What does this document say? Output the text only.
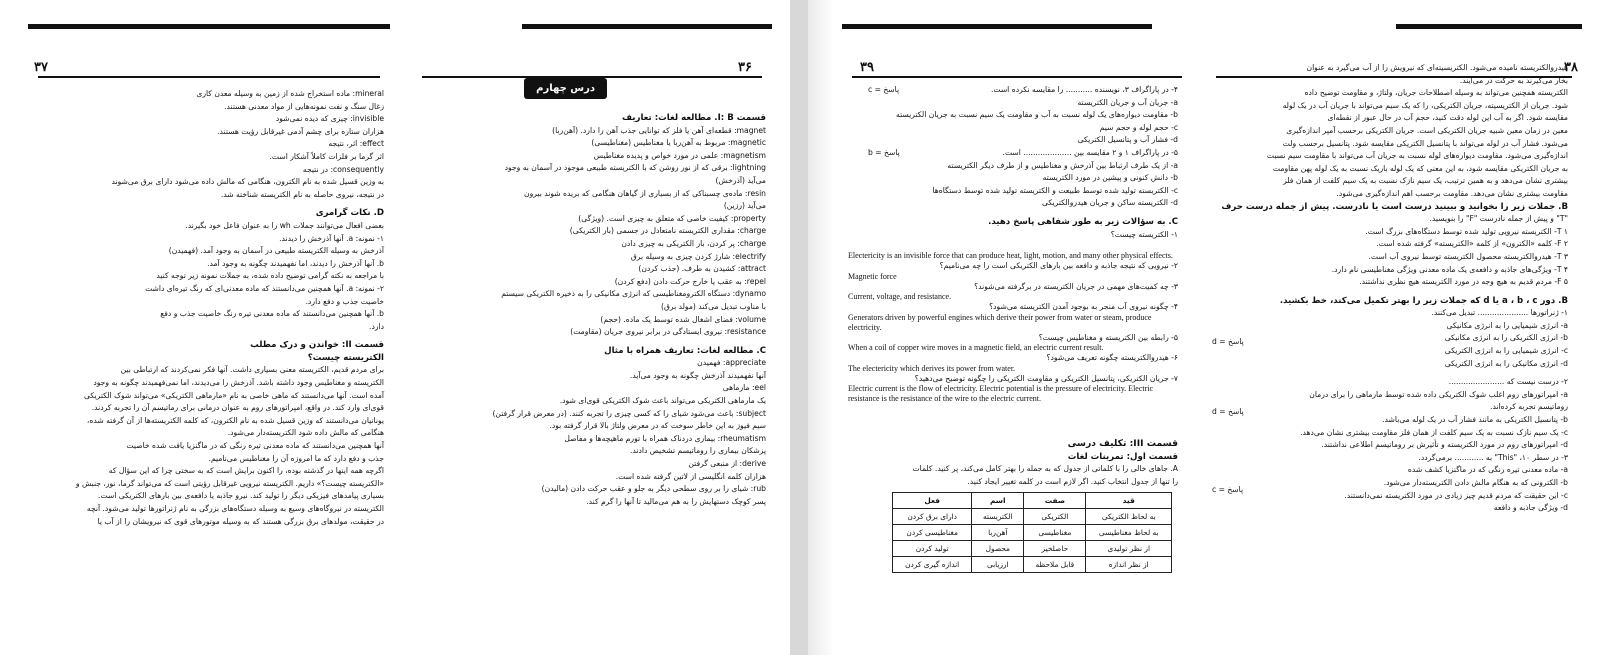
۳۷

mineral: ماده استخراج شده از زمین به وسیله معدن کاری

زغال سنگ و نفت نمونه‌هایی از مواد معدنی هستند.

invisible: چیزی که دیده نمی‌شود

هزاران ستاره برای چشم آدمی غیرقابل رؤیت هستند.

effect: اثر، نتیجه

اثر گرما بر فلزات کاملاً آشکار است.

consequently: در نتیجه

به وزین قسیل شده به نام الکترون، هنگامی که مالش داده می‌شود دارای برق می‌شوند

در نتیجه، نیروی حاصله به نام الکتریسته شناخته شد.

D. نکات گرامری

بعضی افعال می‌توانند جملات wh را به عنوان فاعل خود بگیرند.

۱- نمونه: a. آنها آذرخش را دیدند.

آذرخش به وسیله الکتریسته طبیعی در آسمان به وجود آمد. (فهمیدن)

b. آنها آذرخش را دیدند، اما نفهمیدند چگونه به وجود آمد.

با مراجعه به نکته گرامی توضیح داده شده، به جملات نمونه زیر توجه کنید

۲- نمونه: a. آنها همچنین می‌دانستند که ماده معدنی‌ای که رنگ تیره‌ای داشت

خاصیت جذب و دفع دارد.

b. آنها همچنین می‌دانستند که ماده معدنی تیره رنگ خاصیت جذب و دفع

دارد.

قسمت II: خواندن و درک مطلب

الکتریسته چیست؟

برای مردم قدیم، الکتریسته معنی بسیاری داشت. آنها فکر نمی‌کردند که ارتباطی بین

الکتریسته و مغناطیس وجود داشته باشد. آذرخش را می‌دیدند، اما نمی‌فهمیدند چگونه به وجود

آمده است. آنها می‌دانستند که ماهی خاصی به نام «مارماهی الکتریکی» می‌تواند شوک الکتریکی

قوی‌ای وارد کند. در واقع، امپراتورهای روم به عنوان درمانی برای رماتیسم آن را تجربه کردند.

یونانیان می‌دانستند که وزین قسیل شده به نام الکترون، که کلمه الکتریسته‌ها از آن گرفته شده،

هنگامی که مالش داده شود الکتریسته‌دار می‌شود.

آنها همچنین می‌دانستند که ماده معدنی تیره رنگی که در ماگنزیا یافت شده خاصیت

جذب و دفع دارد که ما امروزه آن را مغناطیس می‌نامیم.

اگرچه همه اینها در گذشته بوده، را اکنون برایش است که به سختی چرا که این سؤال که

«الکتریسته چیست؟» داریم. الکتریسته نیرویی غیرقابل رؤیتی است که می‌تواند گرما، نور، جنبش و

بسیاری پیامدهای فیزیکی دیگر را تولید کند. نیرو جاذبه یا دافعه‌ی بین بارهای الکتریکی است.

الکتریسته در نیروگاه‌های وسیع به وسیله دستگاه‌های بزرگی به نام ژنراتورها تولید می‌شود. آنچه

در حقیقت، مولدهای برق بزرگی هستند که به وسیله موتورهای قوی که نیرویشان را از آب یا

۳۶
درس چهارم

قسمت I: B. مطالعه لغات: تعاریف

magnet: قطعه‌ای آهن یا فلز که توانایی جذب آهن را دارد. (آهن‌ربا)

magnetic: مربوط به آهن‌ربا یا مغناطیس (مغناطیسی)

magnetism: علمی در مورد خواص و پدیده مغناطیس

lightning: برقی که از نور روشن که با الکتریسته طبیعی موجود در آسمان به وجود

می‌آید (آذرخش)

resin: ماده‌ی چسبناکی که از بسیاری از گیاهان هنگامی که بریده شوند بیرون

می‌آید (رزین)

property: کیفیت خاصی که متعلق به چیزی است. (ویژگی)

charge: مقداری الکتریسته نامتعادل در جسمی (بار الکتریکی)

charge: پر کردن، بار الکتریکی به چیزی دادن

electrify: شارژ کردن چیزی به وسیله برق

attract: کشیدن به طرف. (جذب کردن)

repel: به عقب یا خارج حرکت دادن (دفع کردن)

dynamo: دستگاه الکترومغناطیسی که انرژی مکانیکی را به ذخیره الکتریکی سیستم

با مناوب تبدیل می‌کند (مولد برق)

volume: فضای اشغال شده توسط یک ماده. (حجم)

resistance: نیروی ایستادگی در برابر نیروی جریان (مقاومت)

C. مطالعه لغات: تعاریف همراه با مثال

appreciate: فهمیدن

آنها نفهمیدند آذرخش چگونه به وجود می‌آید.

eel: مارماهی

یک مارماهی الکتریکی می‌تواند باعث شوک الکتریکی قوی‌ای شود.

subject: باعث می‌شود شیای را که کسی چیزی را تجربه کنند. (در معرض قرار گرفتن)

سیم فیوز به این خاطر سوخت که در معرض ولتاژ بالا قرار گرفته بود.

rheumatism: بیماری دردناک همراه با تورم ماهیچه‌ها و مفاصل

پزشکان بیماری را روماتیسم تشخیص دادند.

derive: از منبعی گرفتن

هزاران کلمه انگلیسی از لاتین گرفته شده است.

rub: شیای را بر روی سطحی دیگر به جلو و عقب حرکت دادن (مالیدن)

پسر کوچک دستهایش را به هم می‌مالید تا آنها را گرم کند.

۳۹

۴- در پاراگراف ۳، نویسنده ........... را مقایسه نکرده است.

a- جریان آب و جریان الکتریسته

b- مقاومت دیواره‌های یک لوله نسبت به آب و مقاومت یک سیم نسبت به جریان الکتریسته

c- حجم لوله و حجم سیم

d- فشار آب و پتانسیل الکتریکی

۵- در پاراگراف ۱ و ۲ مقایسه بین .................... است.

a- از یک طرف ارتباط بین آذرخش و مغناطیس و از طرف دیگر الکتریسته

b- دانش کنونی و پیشین در مورد الکتریسته

c- الکتریسته تولید شده توسط طبیعت و الکتریسته تولید شده توسط دستگاه‌ها

d- الکتریسته ساکن و جریان هیدروالکتریکی

C. به سؤالات زیر به طور شفاهی پاسخ دهید.

۱- الکتریسته چیست؟

پاسخ = c
پاسخ = b
Electericity is an invisible force that can produce heat, light, motion, and many other physical effects.
۲- نیرویی که نتیجه جاذبه و دافعه بین بارهای الکتریکی است را چه می‌نامیم؟
Magnetic force
۳- چه کمیت‌های مهمی در جریان الکتریسته در برگرفته می‌شوند؟
Current, voltage, and resistance.
۴- چگونه نیروی آب منجر به بوجود آمدن الکتریسته می‌شود؟
Generators driven by powerful engines which derive their power from water or steam, produce electricity.
۵- رابطه بین الکتریسته و مغناطیس چیست؟
When a coil of copper wire moves in a magnetic field, an electric current result.
۶- هیدروالکتریسته چگونه تعریف می‌شود؟
The electericity which derives its power from water.
۷- جریان الکتریکی، پتانسیل الکتریکی و مقاومت الکتریکی را چگونه توضیح می‌دهید؟
Electric current is the flow of electricity. Electric potential is the pressure of electricity. Electric resistance is the resistance of the wire to the electric current.
قسمت III: تکلیف درسی
قسمت اول: تمرینات لغات
A. جاهای خالی را با کلماتی از جدول که به جمله را بهتر کامل می‌کند، پر کنید. کلمات
را تنها از جدول انتخاب کنید. اگر لازم است در کلمه تغییر ایجاد کنید.
قید	صفت	اسم	فعل
به لحاظ الکتریکی	الکتریکی	الکتریسته	دارای برق کردن
به لحاظ مغناطیسی	مغناطیسی	آهن‌ربا	مغناطیسی کردن
از نظر تولیدی	حاصلخیز	محصول	تولید کردن
از نظر اندازه	قابل ملاحظه	ارزیابی	اندازه گیری کردن
۳۸

هیدروالکتریسته نامیده می‌شود. الکتریسیته‌ای که نیرویش را از آب می‌گیرد به عنوان

بخار می‌گیرند به حرکت در می‌آیند.

الکتریسته همچنین می‌تواند به وسیله اصطلاحات جریان، ولتاژ، و مقاومت توضیح داده

شود. جریان از الکتریسیته، جریان الکتریکی، را که یک سیم می‌تواند با جریان آب در یک لوله

مقایسه شود. اگر به آب این لوله دقت کنید، حجم آب در حال عبور از نقطه‌ای

معین در زمان معین شبیه جریان الکتریکی است. جریان الکتریکی برحسب آمپر اندازه‌گیری

می‌شود. فشار آب در لوله می‌تواند با پتانسیل الکتریکی مقایسه شود. پتانسیل برحسب ولت

اندازه‌گیری می‌شود. مقاومت دیواره‌های لوله نسبت به جریان آب می‌تواند با مقاومت سیم نسبت

به جریان الکتریکی مقایسه شود، به این معنی که یک لوله باریک نسبت به یک لوله پهن مقاومت

بیشتری نشان می‌دهد و به همین ترتیب، یک سیم نازک نسبت به یک سیم کلفت از همان فلز

مقاومت بیشتری نشان می‌دهد. مقاومت برحسب اهم اندازه‌گیری می‌شود.

B. جملات زیر را بخوانید و ببینید درست است یا نادرست. پیش از جمله درست حرف

"T" و پیش از جمله نادرست "F" را بنویسید.

T ۱- الکتریسته نیرویی تولید شده توسط دستگاه‌های بزرگ است.

F ۲- کلمه «الکترون» از کلمه «الکتریسته» گرفته شده است.

T ۳- هیدروالکتریسته محصول الکتریسته توسط نیروی آب است.

T ۴- ویژگی‌های جاذبه و دافعه‌ی یک ماده معدنی ویژگی مغناطیسی نام دارد.

F ۵- مردم قدیم به هیچ وجه در مورد الکتریسته هیچ نظری نداشتند.

B. دور a ، b ، c یا d که جملات زیر را بهتر تکمیل می‌کند، خط بکشید.

۱- ژنراتورها ..................... تبدیل می‌کنند.

a- انرژی شیمیایی را به انرژی مکانیکی

b- انرژی الکتریکی را به انرژی مکانیکی

c- انرژی شیمیایی را به انرژی الکتریکی

d- انرژی مکانیکی را به انرژی الکتریکی

۲- درست نیست که .......................

a- امپراتورهای روم اغلب شوک الکتریکی داده شده توسط مارماهی را برای درمان

روماتیسم تجربه کرده‌اند.

b- پتانسیل الکتریکی به مانند فشار آب در یک لوله می‌باشد.

c- یک سیم نازک نسبت به یک سیم کلفت از همان فلز مقاومت بیشتری نشان می‌دهد.

d- امپراتورهای روم در مورد الکتریسته و تأثیرش بر روماتیسم اطلاعی نداشتند.

۳- در سطر ۱۰، "This" به ............ برمی‌گردد.

a- ماده معدنی تیره رنگی که در ماگنزیا کشف شده

b- الکترونی که به هنگام مالش دادن الکتریسته‌دار می‌شود.

c- این حقیقت که مردم قدیم چیز زیادی در مورد الکتریسته نمی‌دانستند.

d- ویژگی جاذبه و دافعه

پاسخ = d
پاسخ = d
پاسخ = c
